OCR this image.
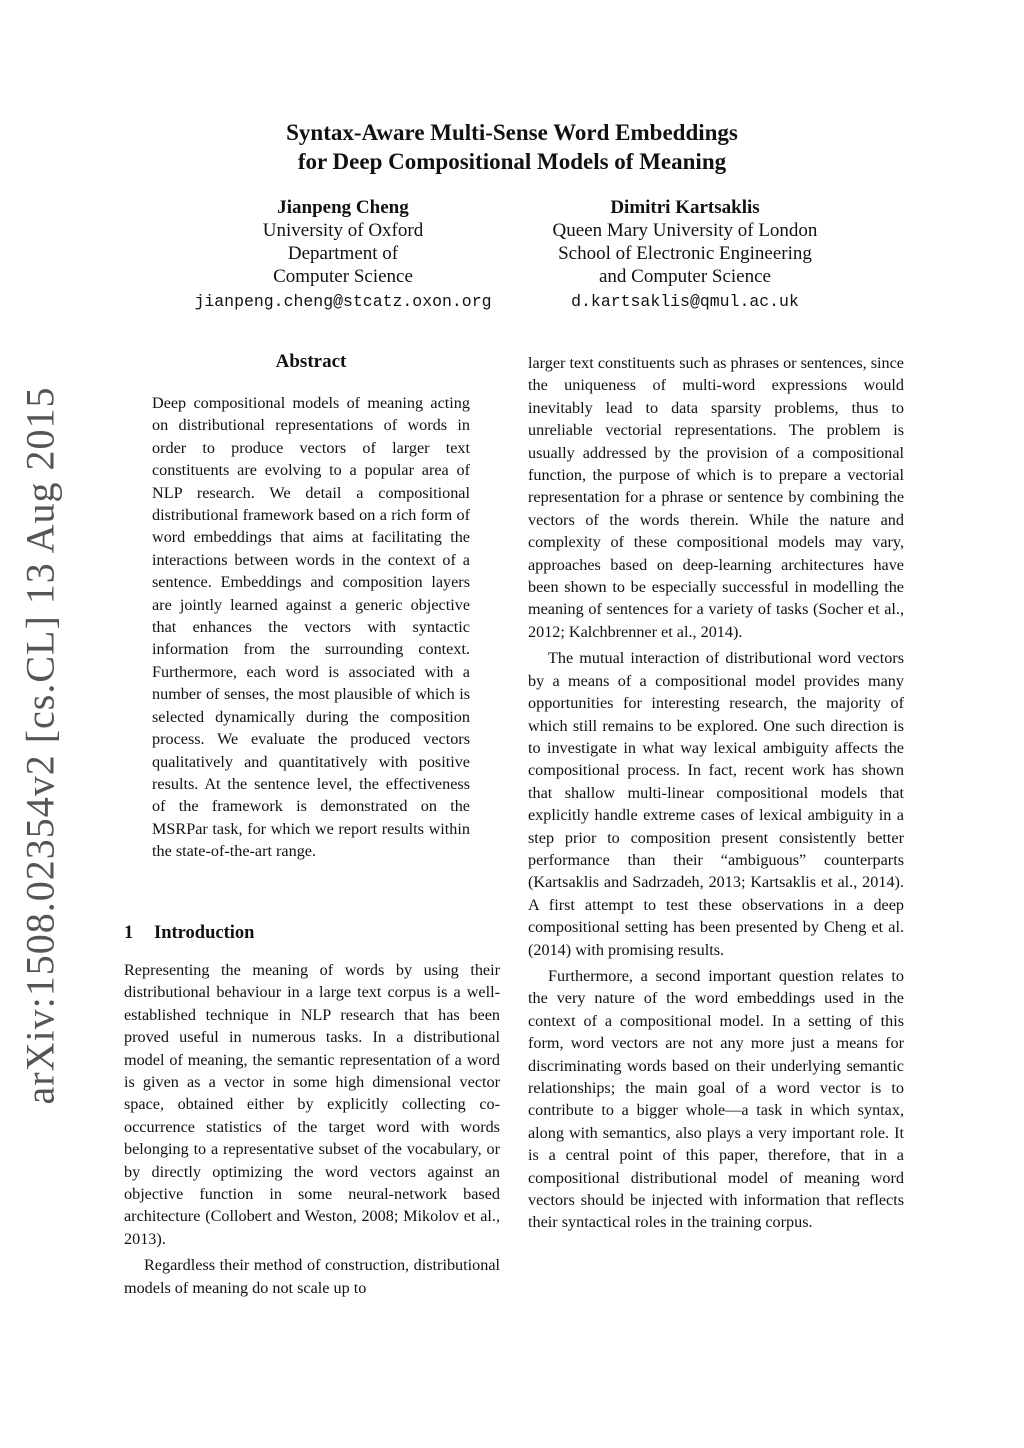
arXiv:1508.02354v2 [cs.CL] 13 Aug 2015
Syntax-Aware Multi-Sense Word Embeddings
for Deep Compositional Models of Meaning
Jianpeng Cheng
University of Oxford
Department of
Computer Science
jianpeng.cheng@stcatz.oxon.org
Dimitri Kartsaklis
Queen Mary University of London
School of Electronic Engineering
and Computer Science
d.kartsaklis@qmul.ac.uk
Abstract
Deep compositional models of meaning acting on distributional representations of words in order to produce vectors of larger text constituents are evolving to a popular area of NLP research. We detail a compositional distributional framework based on a rich form of word embeddings that aims at facilitating the interactions between words in the context of a sentence. Embeddings and composition layers are jointly learned against a generic objective that enhances the vectors with syntactic information from the surrounding context. Furthermore, each word is associated with a number of senses, the most plausible of which is selected dynamically during the composition process. We evaluate the produced vectors qualitatively and quantitatively with positive results. At the sentence level, the effectiveness of the framework is demonstrated on the MSRPar task, for which we report results within the state-of-the-art range.
1 Introduction

Representing the meaning of words by using their distributional behaviour in a large text corpus is a well-established technique in NLP research that has been proved useful in numerous tasks. In a distributional model of meaning, the semantic representation of a word is given as a vector in some high dimensional vector space, obtained either by explicitly collecting co-occurrence statistics of the target word with words belonging to a representative subset of the vocabulary, or by directly optimizing the word vectors against an objective function in some neural-network based architecture (Collobert and Weston, 2008; Mikolov et al., 2013).

Regardless their method of construction, distributional models of meaning do not scale up to

larger text constituents such as phrases or sentences, since the uniqueness of multi-word expressions would inevitably lead to data sparsity problems, thus to unreliable vectorial representations. The problem is usually addressed by the provision of a compositional function, the purpose of which is to prepare a vectorial representation for a phrase or sentence by combining the vectors of the words therein. While the nature and complexity of these compositional models may vary, approaches based on deep-learning architectures have been shown to be especially successful in modelling the meaning of sentences for a variety of tasks (Socher et al., 2012; Kalchbrenner et al., 2014).

The mutual interaction of distributional word vectors by a means of a compositional model provides many opportunities for interesting research, the majority of which still remains to be explored. One such direction is to investigate in what way lexical ambiguity affects the compositional process. In fact, recent work has shown that shallow multi-linear compositional models that explicitly handle extreme cases of lexical ambiguity in a step prior to composition present consistently better performance than their “ambiguous” counterparts (Kartsaklis and Sadrzadeh, 2013; Kartsaklis et al., 2014). A first attempt to test these observations in a deep compositional setting has been presented by Cheng et al. (2014) with promising results.

Furthermore, a second important question relates to the very nature of the word embeddings used in the context of a compositional model. In a setting of this form, word vectors are not any more just a means for discriminating words based on their underlying semantic relationships; the main goal of a word vector is to contribute to a bigger whole—a task in which syntax, along with semantics, also plays a very important role. It is a central point of this paper, therefore, that in a compositional distributional model of meaning word vectors should be injected with information that reflects their syntactical roles in the training corpus.
